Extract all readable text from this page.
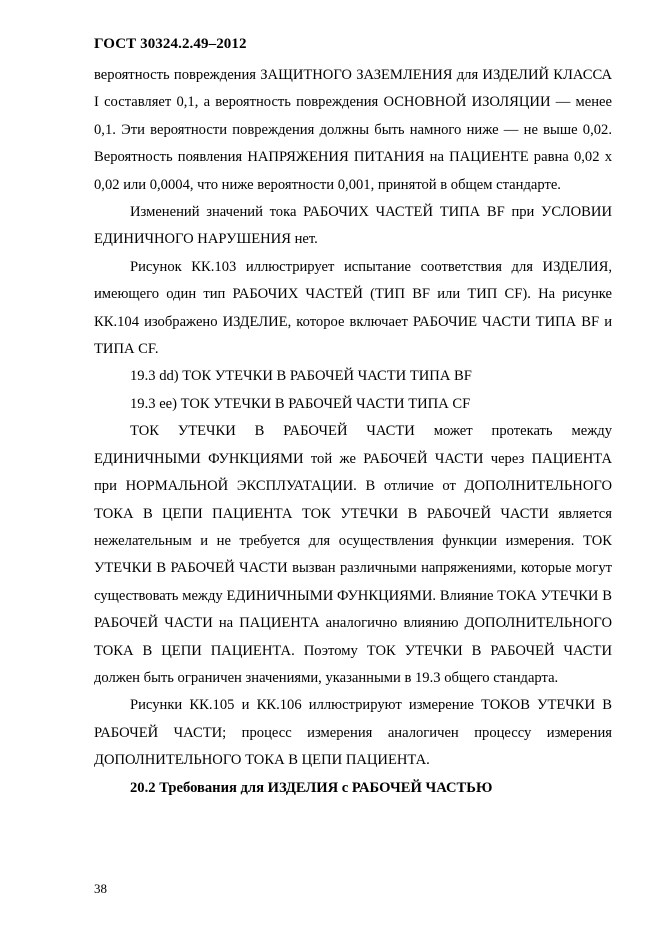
ГОСТ 30324.2.49–2012

вероятность повреждения ЗАЩИТНОГО ЗАЗЕМЛЕНИЯ для ИЗДЕЛИЙ КЛАССА I составляет 0,1, а вероятность повреждения ОСНОВНОЙ ИЗОЛЯЦИИ — менее 0,1. Эти вероятности повреждения должны быть намного ниже — не выше 0,02. Вероятность появления НАПРЯЖЕНИЯ ПИТАНИЯ на ПАЦИЕНТЕ равна 0,02 х 0,02 или 0,0004, что ниже вероятности 0,001, принятой в общем стандарте.

Изменений значений тока РАБОЧИХ ЧАСТЕЙ ТИПА BF при УСЛОВИИ ЕДИНИЧНОГО НАРУШЕНИЯ нет.

Рисунок КК.103 иллюстрирует испытание соответствия для ИЗДЕЛИЯ, имеющего один тип РАБОЧИХ ЧАСТЕЙ (ТИП BF или ТИП CF). На рисунке КК.104 изображено ИЗДЕЛИЕ, которое включает РАБОЧИЕ ЧАСТИ ТИПА BF и ТИПА CF.

19.3 dd) ТОК УТЕЧКИ В РАБОЧЕЙ ЧАСТИ ТИПА BF

19.3 ee) ТОК УТЕЧКИ В РАБОЧЕЙ ЧАСТИ ТИПА CF

ТОК УТЕЧКИ В РАБОЧЕЙ ЧАСТИ может протекать между ЕДИНИЧНЫМИ ФУНКЦИЯМИ той же РАБОЧЕЙ ЧАСТИ через ПАЦИЕНТА при НОРМАЛЬНОЙ ЭКСПЛУАТАЦИИ. В отличие от ДОПОЛНИТЕЛЬНОГО ТОКА В ЦЕПИ ПАЦИЕНТА ТОК УТЕЧКИ В РАБОЧЕЙ ЧАСТИ является нежелательным и не требуется для осуществления функции измерения. ТОК УТЕЧКИ В РАБОЧЕЙ ЧАСТИ вызван различными напряжениями, которые могут существовать между ЕДИНИЧНЫМИ ФУНКЦИЯМИ. Влияние ТОКА УТЕЧКИ В РАБОЧЕЙ ЧАСТИ на ПАЦИЕНТА аналогично влиянию ДОПОЛНИТЕЛЬНОГО ТОКА В ЦЕПИ ПАЦИЕНТА. Поэтому ТОК УТЕЧКИ В РАБОЧЕЙ ЧАСТИ должен быть ограничен значениями, указанными в 19.3 общего стандарта.

Рисунки КК.105 и КК.106 иллюстрируют измерение ТОКОВ УТЕЧКИ В РАБОЧЕЙ ЧАСТИ; процесс измерения аналогичен процессу измерения ДОПОЛНИТЕЛЬНОГО ТОКА В ЦЕПИ ПАЦИЕНТА.

20.2 Требования для ИЗДЕЛИЯ с РАБОЧЕЙ ЧАСТЬЮ

38
